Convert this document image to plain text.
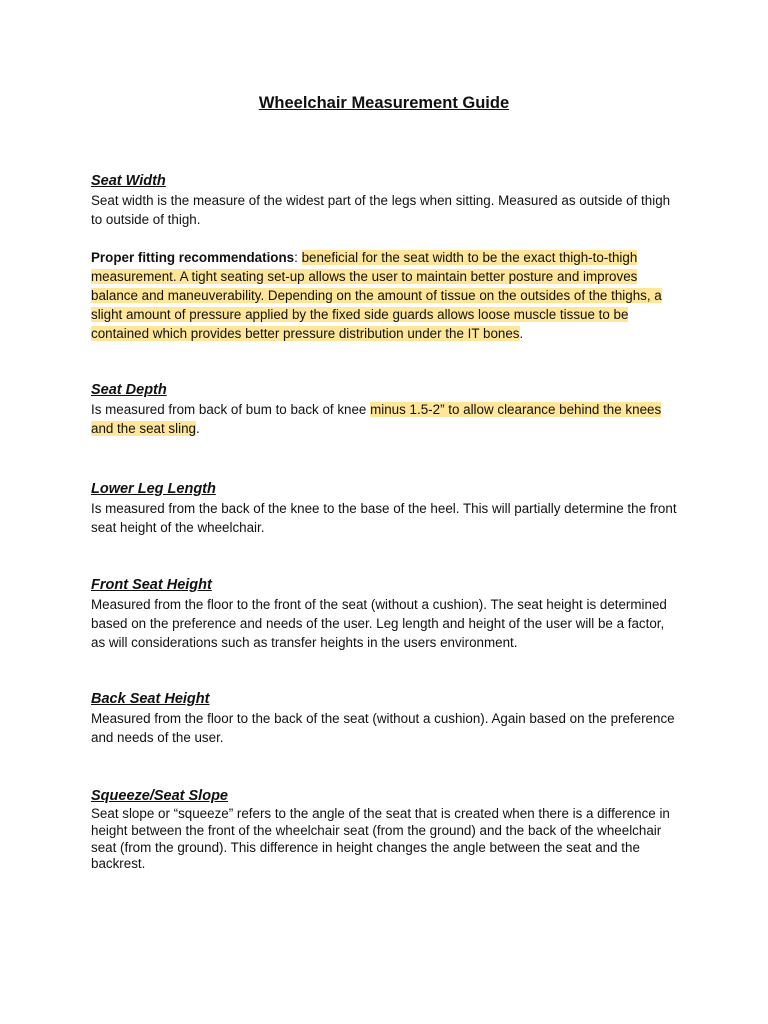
Wheelchair Measurement Guide

Seat Width

Seat width is the measure of the widest part of the legs when sitting. Measured as outside of thigh to outside of thigh.

Proper fitting recommendations: beneficial for the seat width to be the exact thigh-to-thigh measurement. A tight seating set-up allows the user to maintain better posture and improves balance and maneuverability. Depending on the amount of tissue on the outsides of the thighs, a slight amount of pressure applied by the fixed side guards allows loose muscle tissue to be contained which provides better pressure distribution under the IT bones.

Seat Depth

Is measured from back of bum to back of knee minus 1.5-2” to allow clearance behind the knees and the seat sling.

Lower Leg Length

Is measured from the back of the knee to the base of the heel. This will partially determine the front seat height of the wheelchair.

Front Seat Height

Measured from the floor to the front of the seat (without a cushion). The seat height is determined based on the preference and needs of the user. Leg length and height of the user will be a factor, as will considerations such as transfer heights in the users environment.

Back Seat Height

Measured from the floor to the back of the seat (without a cushion). Again based on the preference and needs of the user.

Squeeze/Seat Slope

Seat slope or “squeeze” refers to the angle of the seat that is created when there is a difference in height between the front of the wheelchair seat (from the ground) and the back of the wheelchair seat (from the ground). This difference in height changes the angle between the seat and the backrest.
